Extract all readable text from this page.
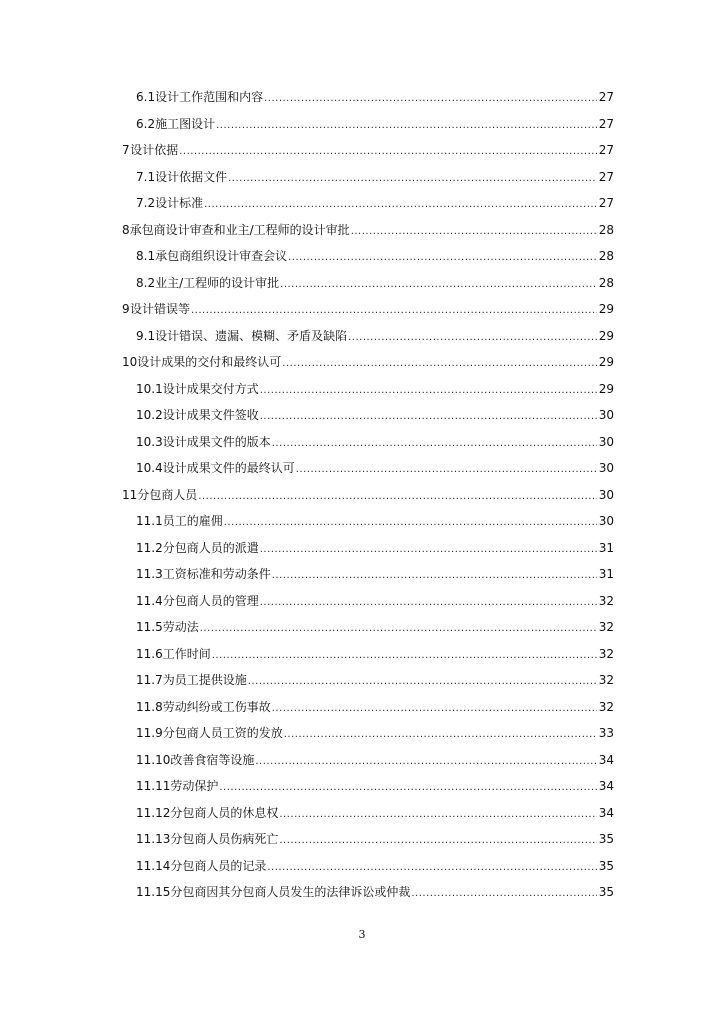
6.1 设计工作范围和内容 .....	27
6.2 施工图设计 .....	27
7 设计依据 .....	27
7.1 设计依据文件 .....	27
7.2 设计标准 .....	27
8 承包商设计审查和业主/工程师的设计审批 .....	28
8.1 承包商组织设计审查会议 .....	28
8.2 业主/工程师的设计审批 .....	28
9 设计错误等 .....	29
9.1 设计错误、遗漏、模糊、矛盾及缺陷 .....	29
10 设计成果的交付和最终认可 .....	29
10.1 设计成果交付方式 .....	29
10.2 设计成果文件签收 .....	30
10.3 设计成果文件的版本 .....	30
10.4 设计成果文件的最终认可 .....	30
11 分包商人员 .....	30
11.1 员工的雇佣 .....	30
11.2 分包商人员的派遣 .....	31
11.3 工资标准和劳动条件 .....	31
11.4 分包商人员的管理 .....	32
11.5 劳动法 .....	32
11.6 工作时间 .....	32
11.7 为员工提供设施 .....	32
11.8 劳动纠纷或工伤事故 .....	32
11.9 分包商人员工资的发放 .....	33
11.10 改善食宿等设施 .....	34
11.11 劳动保护 .....	34
11.12 分包商人员的休息权 .....	34
11.13 分包商人员伤病死亡 .....	35
11.14 分包商人员的记录 .....	35
11.15 分包商因其分包商人员发生的法律诉讼或仲裁 .....	35
3
